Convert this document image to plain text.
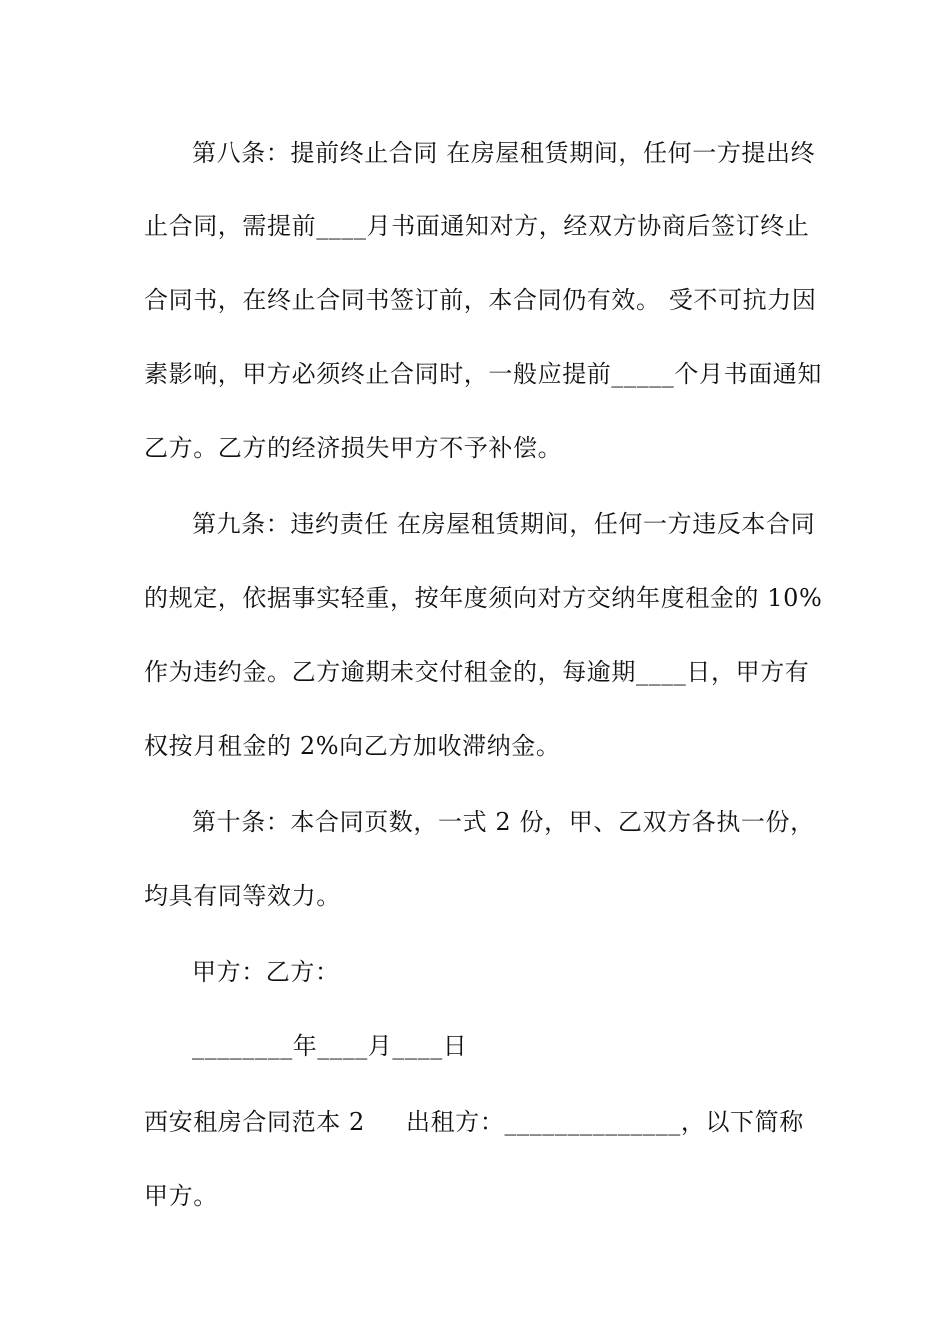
第八条：提前终止合同 在房屋租赁期间，任何一方提出终
止合同，需提前____月书面通知对方，经双方协商后签订终止
合同书，在终止合同书签订前，本合同仍有效。 受不可抗力因
素影响，甲方必须终止合同时，一般应提前_____个月书面通知
乙方。乙方的经济损失甲方不予补偿。
第九条：违约责任 在房屋租赁期间，任何一方违反本合同
的规定，依据事实轻重，按年度须向对方交纳年度租金的 10%
作为违约金。乙方逾期未交付租金的，每逾期____日，甲方有
权按月租金的 2%向乙方加收滞纳金。
第十条：本合同页数，一式 2 份，甲、乙双方各执一份，
均具有同等效力。
甲方：乙方：
________年____月____日
西安租房合同范本 2     出租方：______________，以下简称
甲方。
